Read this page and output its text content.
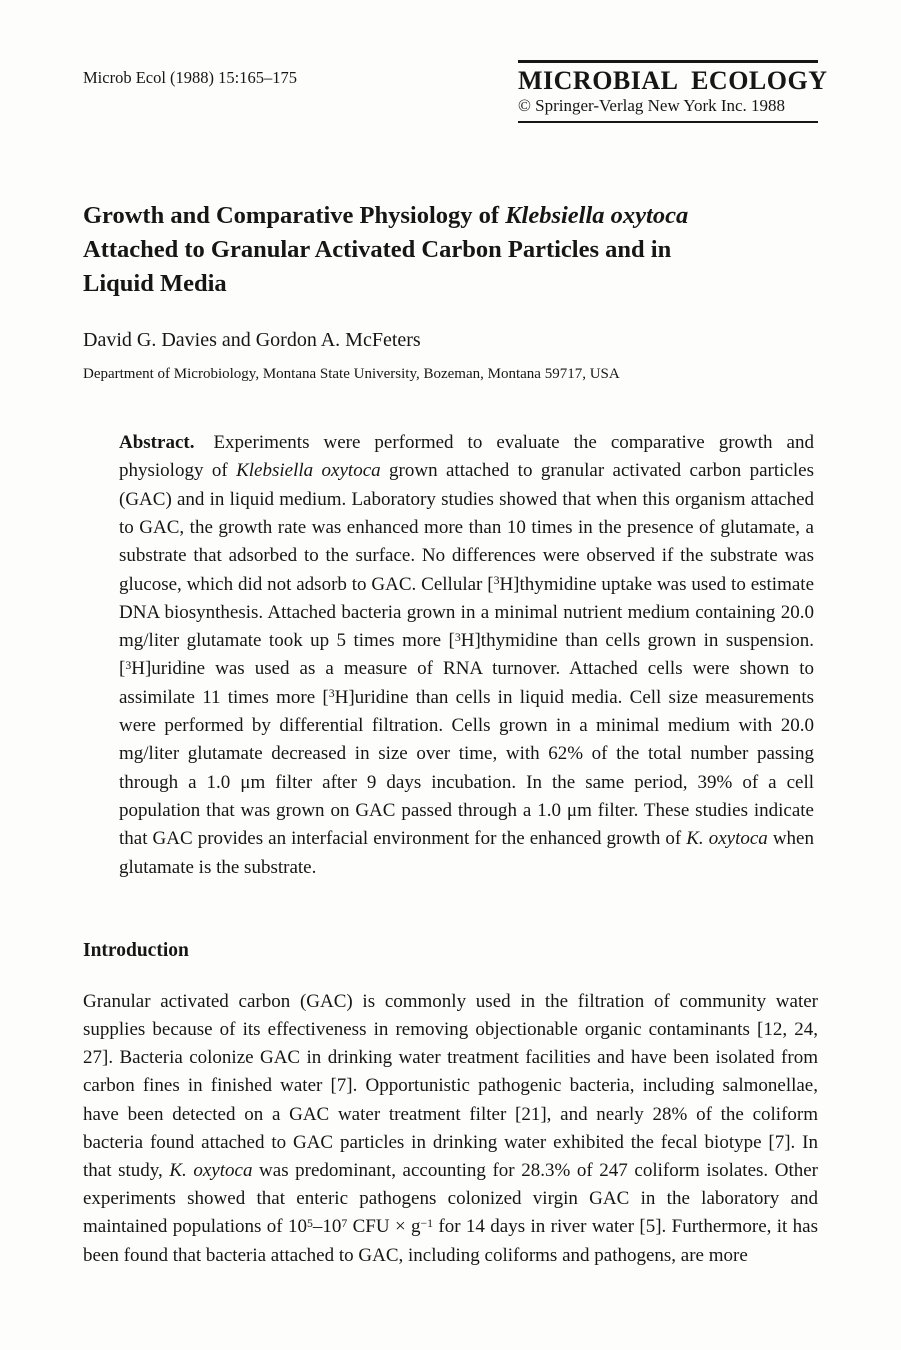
Microb Ecol (1988) 15:165–175	MICROBIAL ECOLOGY
© Springer-Verlag New York Inc. 1988
Growth and Comparative Physiology of Klebsiella oxytoca
Attached to Granular Activated Carbon Particles and in
Liquid Media
David G. Davies and Gordon A. McFeters
Department of Microbiology, Montana State University, Bozeman, Montana 59717, USA

Abstract. Experiments were performed to evaluate the comparative growth and physiology of Klebsiella oxytoca grown attached to granular activated carbon particles (GAC) and in liquid medium. Laboratory studies showed that when this organism attached to GAC, the growth rate was enhanced more than 10 times in the presence of glutamate, a substrate that adsorbed to the surface. No differences were observed if the substrate was glucose, which did not adsorb to GAC. Cellular [$^3$H]thymidine uptake was used to estimate DNA biosynthesis. Attached bacteria grown in a minimal nutrient medium containing 20.0 mg/liter glutamate took up 5 times more [$^3$H]thymidine than cells grown in suspension. [$^3$H]uridine was used as a measure of RNA turnover. Attached cells were shown to assimilate 11 times more [$^3$H]uridine than cells in liquid media. Cell size measurements were performed by differential filtration. Cells grown in a minimal medium with 20.0 mg/liter glutamate decreased in size over time, with 62% of the total number passing through a 1.0 μm filter after 9 days incubation. In the same period, 39% of a cell population that was grown on GAC passed through a 1.0 μm filter. These studies indicate that GAC provides an interfacial environment for the enhanced growth of K. oxytoca when glutamate is the substrate.

Introduction

Granular activated carbon (GAC) is commonly used in the filtration of community water supplies because of its effectiveness in removing objectionable organic contaminants [12, 24, 27]. Bacteria colonize GAC in drinking water treatment facilities and have been isolated from carbon fines in finished water [7]. Opportunistic pathogenic bacteria, including salmonellae, have been detected on a GAC water treatment filter [21], and nearly 28% of the coliform bacteria found attached to GAC particles in drinking water exhibited the fecal biotype [7]. In that study, K. oxytoca was predominant, accounting for 28.3% of 247 coliform isolates. Other experiments showed that enteric pathogens colonized virgin GAC in the laboratory and maintained populations of $10^5-10^7$ CFU × $g^{-1}$ for 14 days in river water [5]. Furthermore, it has been found that bacteria attached to GAC, including coliforms and pathogens, are more
